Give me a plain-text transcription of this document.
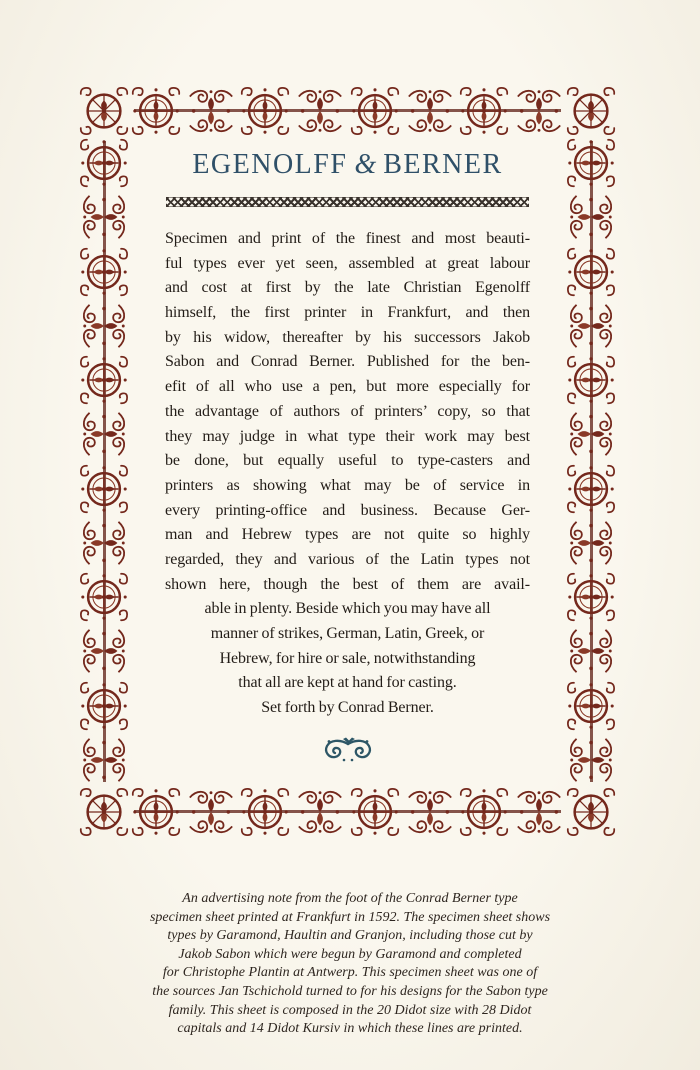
EGENOLFF & BERNER
Specimen and print of the finest and most beauti-
ful types ever yet seen, assembled at great labour
and cost at first by the late Christian Egenolff
himself, the first printer in Frankfurt, and then
by his widow, thereafter by his successors Jakob
Sabon and Conrad Berner. Published for the ben-
efit of all who use a pen, but more especially for
the advantage of authors of printers’ copy, so that
they may judge in what type their work may best
be done, but equally useful to type-casters and
printers as showing what may be of service in
every printing-office and business. Because Ger-
man and Hebrew types are not quite so highly
regarded, they and various of the Latin types not
shown here, though the best of them are avail-
able in plenty. Beside which you may have all
manner of strikes, German, Latin, Greek, or
Hebrew, for hire or sale, notwithstanding
that all are kept at hand for casting.
Set forth by Conrad Berner.
An advertising note from the foot of the Conrad Berner type
specimen sheet printed at Frankfurt in 1592. The specimen sheet shows
types by Garamond, Haultin and Granjon, including those cut by
Jakob Sabon which were begun by Garamond and completed
for Christophe Plantin at Antwerp. This specimen sheet was one of
the sources Jan Tschichold turned to for his designs for the Sabon type
family. This sheet is composed in the 20 Didot size with 28 Didot
capitals and 14 Didot Kursiv in which these lines are printed.
